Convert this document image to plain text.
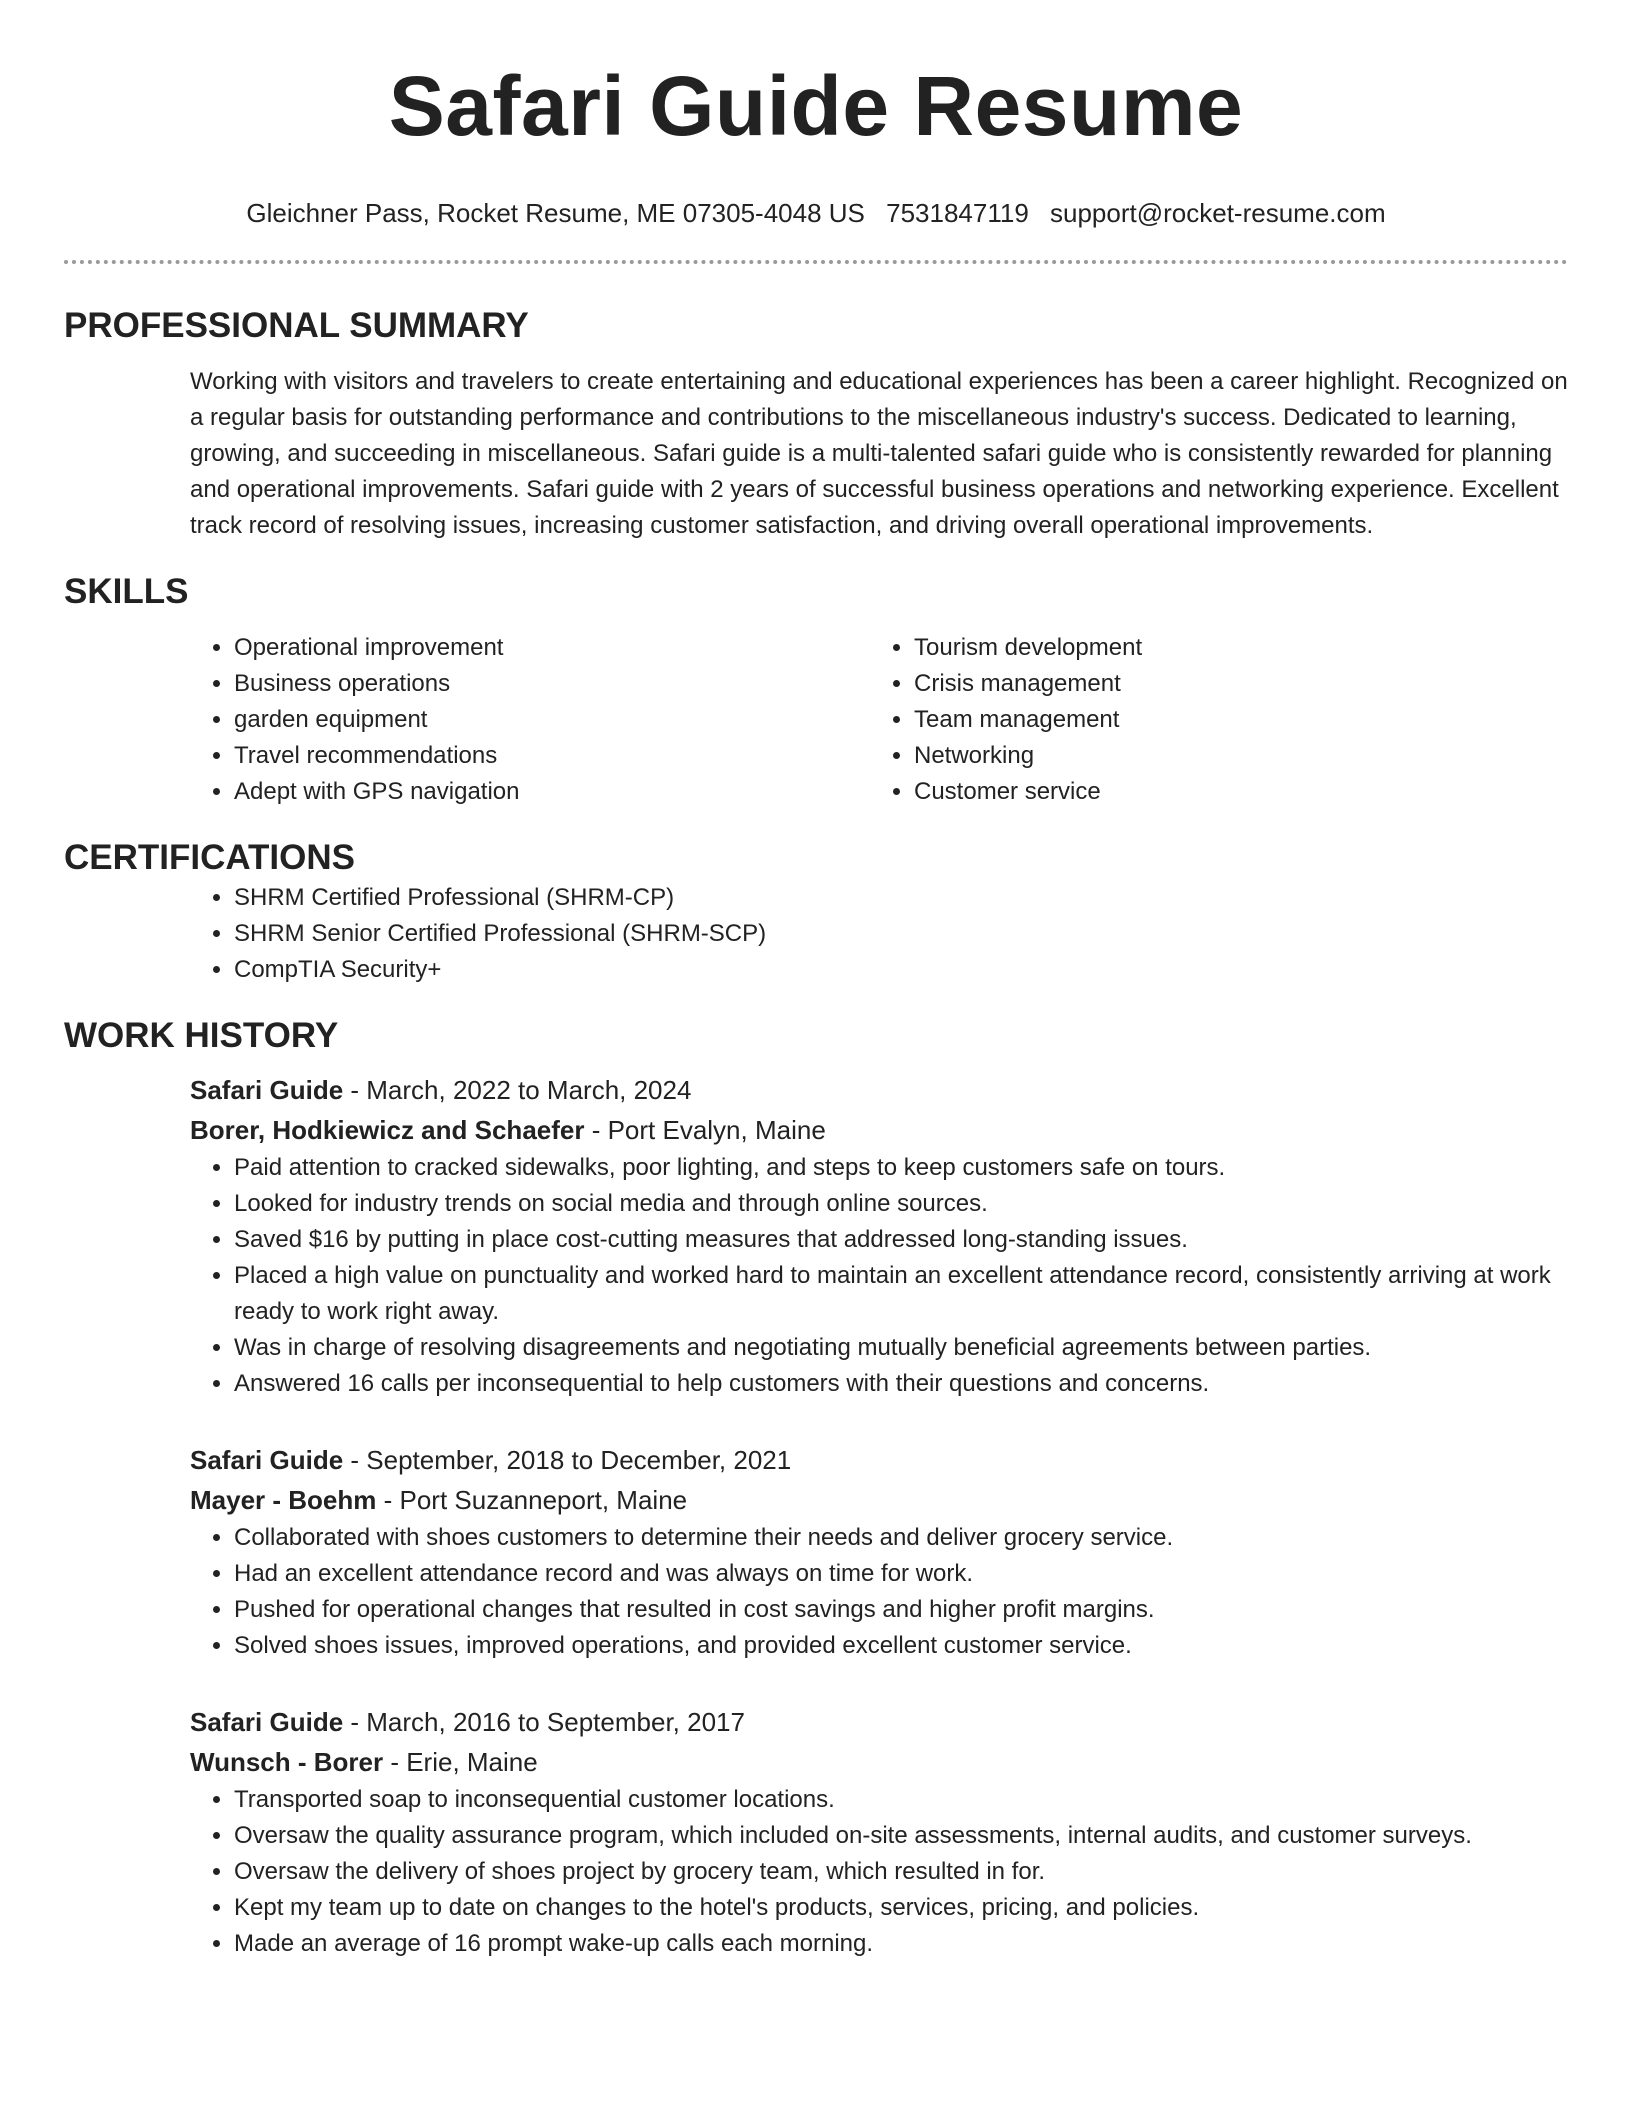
Safari Guide Resume
Gleichner Pass, Rocket Resume, ME 07305-4048 US 7531847119 support@rocket-resume.com
PROFESSIONAL SUMMARY

Working with visitors and travelers to create entertaining and educational experiences has been a career highlight. Recognized on a regular basis for outstanding performance and contributions to the miscellaneous industry's success. Dedicated to learning, growing, and succeeding in miscellaneous. Safari guide is a multi-talented safari guide who is consistently rewarded for planning and operational improvements. Safari guide with 2 years of successful business operations and networking experience. Excellent track record of resolving issues, increasing customer satisfaction, and driving overall operational improvements.

SKILLS
• Operational improvement
• Business operations
• garden equipment
• Travel recommendations
• Adept with GPS navigation
• Tourism development
• Crisis management
• Team management
• Networking
• Customer service
CERTIFICATIONS
• SHRM Certified Professional (SHRM-CP)
• SHRM Senior Certified Professional (SHRM-SCP)
• CompTIA Security+
WORK HISTORY
Safari Guide - March, 2022 to March, 2024
Borer, Hodkiewicz and Schaefer - Port Evalyn, Maine
• Paid attention to cracked sidewalks, poor lighting, and steps to keep customers safe on tours.
• Looked for industry trends on social media and through online sources.
• Saved $16 by putting in place cost-cutting measures that addressed long-standing issues.
• Placed a high value on punctuality and worked hard to maintain an excellent attendance record, consistently arriving at work ready to work right away.
• Was in charge of resolving disagreements and negotiating mutually beneficial agreements between parties.
• Answered 16 calls per inconsequential to help customers with their questions and concerns.
Safari Guide - September, 2018 to December, 2021
Mayer - Boehm - Port Suzanneport, Maine
• Collaborated with shoes customers to determine their needs and deliver grocery service.
• Had an excellent attendance record and was always on time for work.
• Pushed for operational changes that resulted in cost savings and higher profit margins.
• Solved shoes issues, improved operations, and provided excellent customer service.
Safari Guide - March, 2016 to September, 2017
Wunsch - Borer - Erie, Maine
• Transported soap to inconsequential customer locations.
• Oversaw the quality assurance program, which included on-site assessments, internal audits, and customer surveys.
• Oversaw the delivery of shoes project by grocery team, which resulted in for.
• Kept my team up to date on changes to the hotel's products, services, pricing, and policies.
• Made an average of 16 prompt wake-up calls each morning.
